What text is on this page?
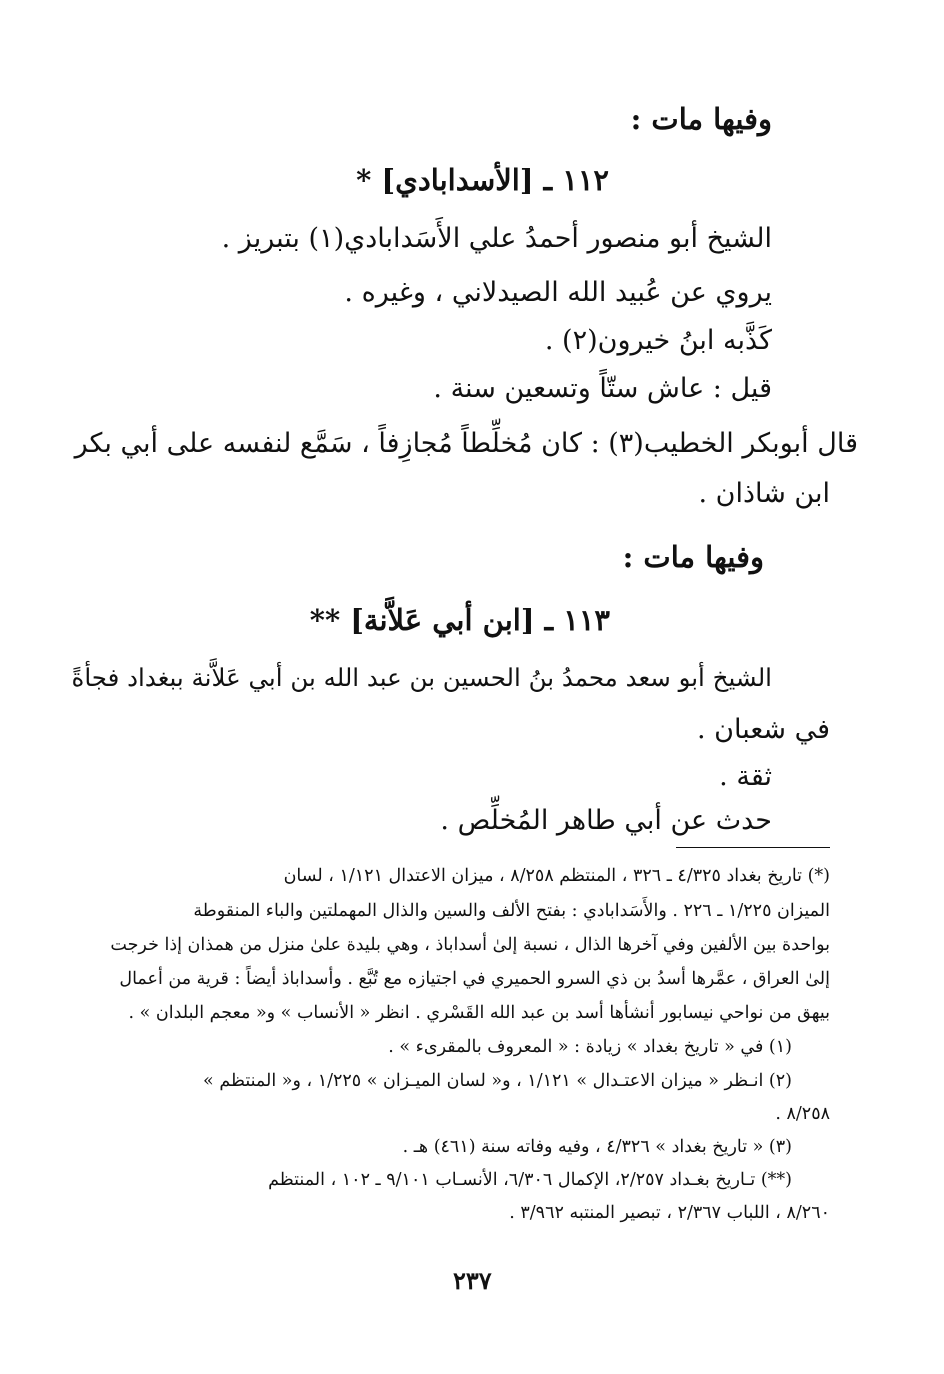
وفيها مات :

١١٢ ـ [الأسدابادي] *

الشيخ أبو منصور أحمدُ علي الأَسَدابادي(١) بتبريز .

يروي عن عُبيد الله الصيدلاني ، وغيره .

كَذَّبه ابنُ خيرون(٢) .

قيل : عاش ستّاً وتسعين سنة .

قال أبوبكر الخطيب(٣) : كان مُخلِّطاً مُجازِفاً ، سَمَّع لنفسه على أبي بكر

ابن شاذان .

وفيها مات :

١١٣ ـ [ابن أبي عَلاَّنة] **

الشيخ أبو سعد محمدُ بنُ الحسين بن عبد الله بن أبي عَلاَّنة ببغداد فجأةً

في شعبان .

ثقة .

حدث عن أبي طاهر المُخلِّص .

(*) تاريخ بغداد ٤/٣٢٥ ـ ٣٢٦ ، المنتظم ٨/٢٥٨ ، ميزان الاعتدال ١/١٢١ ، لسان

الميزان ١/٢٢٥ ـ ٢٢٦ . والأَسَدابادي : بفتح الألف والسين والذال المهملتين والباء المنقوطة

بواحدة بين الألفين وفي آخرها الذال ، نسبة إلىٰ أسداباذ ، وهي بليدة علىٰ منزل من همذان إذا خرجت

إلىٰ العراق ، عمَّرها أسدُ بن ذي السرو الحميري في اجتيازه مع تُبَّع . وأسداباذ أيضاً : قرية من أعمال

بيهق من نواحي نيسابور أنشأها أسد بن عبد الله القَسْري . انظر « الأنساب » و« معجم البلدان » .

(١) في « تاريخ بغداد » زيادة : « المعروف بالمقرىء » .

(٢) انـظر « ميزان الاعتـدال » ١/١٢١ ، و« لسان الميـزان » ١/٢٢٥ ، و« المنتظم »

٨/٢٥٨ .

(٣) « تاريخ بغداد » ٤/٣٢٦ ، وفيه وفاته سنة (٤٦١) هـ .

(**) تـاريخ بغـداد ٢/٢٥٧، الإكمال ٦/٣٠٦، الأنسـاب ٩/١٠١ ـ ١٠٢ ، المنتظم

٨/٢٦٠ ، اللباب ٢/٣٦٧ ، تبصير المنتبه ٣/٩٦٢ .

٢٣٧
